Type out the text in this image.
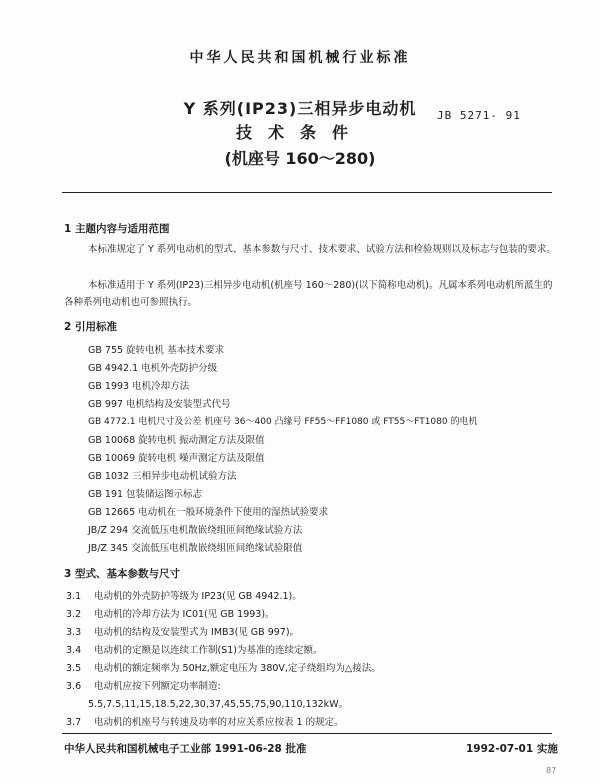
中华人民共和国机械行业标准
Y 系列(IP23)三相异步电动机
技术条件
(机座号 160～280)
JB 5271- 91
1 主题内容与适用范围
本标准规定了 Y 系列电动机的型式、基本参数与尺寸、技术要求、试验方法和检验规则以及标志与包装的要求。
本标准适用于 Y 系列(IP23)三相异步电动机(机座号 160～280)(以下简称电动机)。凡属本系列电动机所派生的各种系列电动机也可参照执行。
2 引用标准
GB 755 旋转电机 基本技术要求
GB 4942.1 电机外壳防护分级
GB 1993 电机冷却方法
GB 997 电机结构及安装型式代号
GB 4772.1 电机尺寸及公差 机座号 36～400 凸缘号 FF55～FF1080 或 FT55～FT1080 的电机
GB 10068 旋转电机 振动测定方法及限值
GB 10069 旋转电机 噪声测定方法及限值
GB 1032 三相异步电动机试验方法
GB 191 包装储运图示标志
GB 12665 电动机在一般环境条件下使用的湿热试验要求
JB/Z 294 交流低压电机散嵌绕组匝间绝缘试验方法
JB/Z 345 交流低压电机散嵌绕组匝间绝缘试验限值
3 型式、基本参数与尺寸
3.1 电动机的外壳防护等级为 IP23(见 GB 4942.1)。
3.2 电动机的冷却方法为 IC01(见 GB 1993)。
3.3 电动机的结构及安装型式为 IMB3(见 GB 997)。
3.4 电动机的定额是以连续工作制(S1)为基准的连续定额。
3.5 电动机的额定频率为 50Hz,额定电压为 380V,定子绕组均为△接法。
3.6 电动机应按下列额定功率制造:
5.5,7.5,11,15,18.5,22,30,37,45,55,75,90,110,132kW。
3.7 电动机的机座号与转速及功率的对应关系应按表 1 的规定。
中华人民共和国机械电子工业部 1991-06-28 批准	1992-07-01 实施
87
